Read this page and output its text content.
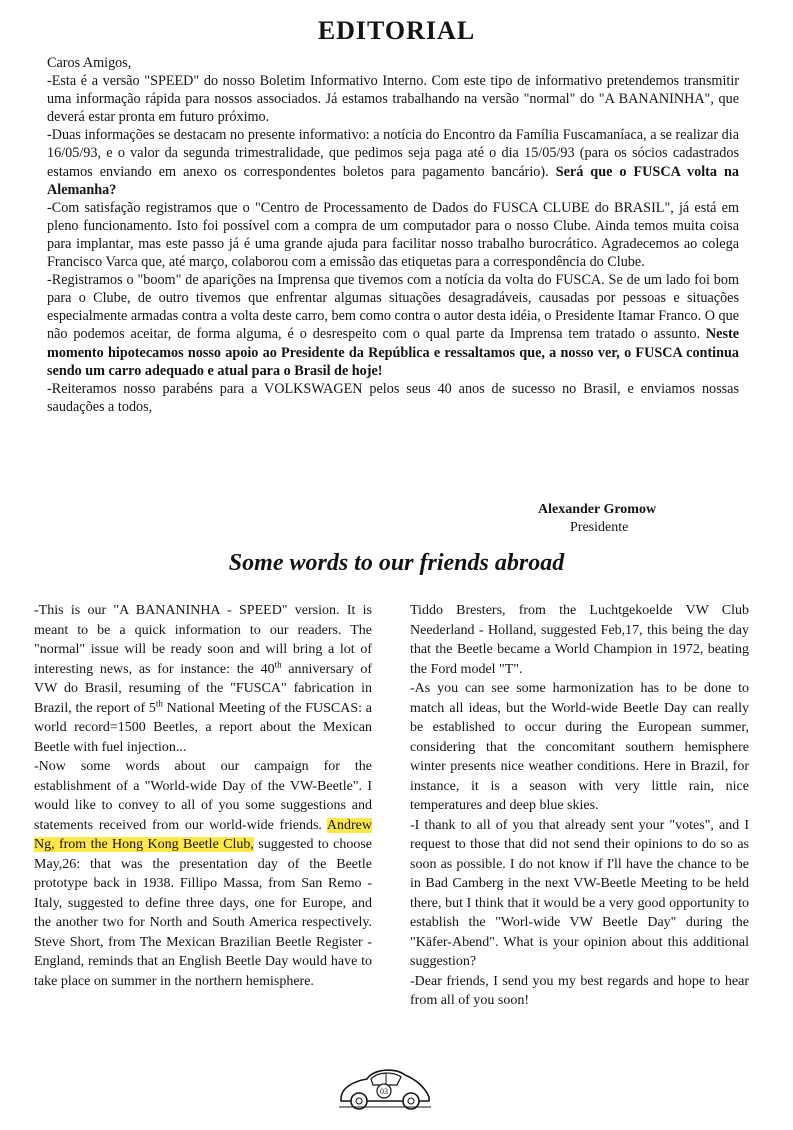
EDITORIAL

Caros Amigos,

-Esta é a versão "SPEED" do nosso Boletim Informativo Interno. Com este tipo de informativo pretendemos transmitir uma informação rápida para nossos associados. Já estamos trabalhando na versão "normal" do "A BANANINHA", que deverá estar pronta em futuro próximo.

-Duas informações se destacam no presente informativo: a notícia do Encontro da Família Fuscamaníaca, a se realizar dia 16/05/93, e o valor da segunda trimestralidade, que pedimos seja paga até o dia 15/05/93 (para os sócios cadastrados estamos enviando em anexo os correspondentes boletos para pagamento bancário). Será que o FUSCA volta na Alemanha?

-Com satisfação registramos que o "Centro de Processamento de Dados do FUSCA CLUBE do BRASIL", já está em pleno funcionamento. Isto foi possível com a compra de um computador para o nosso Clube. Ainda temos muita coisa para implantar, mas este passo já é uma grande ajuda para facilitar nosso trabalho burocrático. Agradecemos ao colega Francisco Varca que, até março, colaborou com a emissão das etiquetas para a correspondência do Clube.

-Registramos o "boom" de aparições na Imprensa que tivemos com a notícia da volta do FUSCA. Se de um lado foi bom para o Clube, de outro tivemos que enfrentar algumas situações desagradáveis, causadas por pessoas e situações especialmente armadas contra a volta deste carro, bem como contra o autor desta idéia, o Presidente Itamar Franco. O que não podemos aceitar, de forma alguma, é o desrespeito com o qual parte da Imprensa tem tratado o assunto. Neste momento hipotecamos nosso apoio ao Presidente da República e ressaltamos que, a nosso ver, o FUSCA continua sendo um carro adequado e atual para o Brasil de hoje!

-Reiteramos nosso parabéns para a VOLKSWAGEN pelos seus 40 anos de sucesso no Brasil, e enviamos nossas saudações a todos,

Alexander Gromow
Presidente
Some words to our friends abroad

-This is our "A BANANINHA - SPEED" version. It is meant to be a quick information to our readers. The "normal" issue will be ready soon and will bring a lot of interesting news, as for instance: the 40th anniversary of VW do Brasil, resuming of the "FUSCA" fabrication in Brazil, the report of 5th National Meeting of the FUSCAS: a world record=1500 Beetles, a report about the Mexican Beetle with fuel injection...

-Now some words about our campaign for the establishment of a "World-wide Day of the VW-Beetle". I would like to convey to all of you some suggestions and statements received from our world-wide friends. Andrew Ng, from the Hong Kong Beetle Club, suggested to choose May,26: that was the presentation day of the Beetle prototype back in 1938. Fillipo Massa, from San Remo - Italy, suggested to define three days, one for Europe, and the another two for North and South America respectively. Steve Short, from The Mexican Brazilian Beetle Register - England, reminds that an English Beetle Day would have to take place on summer in the northern hemisphere.

Tiddo Bresters, from the Luchtgekoelde VW Club Neederland - Holland, suggested Feb,17, this being the day that the Beetle became a World Champion in 1972, beating the Ford model "T".

-As you can see some harmonization has to be done to match all ideas, but the World-wide Beetle Day can really be established to occur during the European summer, considering that the concomitant southern hemisphere winter presents nice weather conditions. Here in Brazil, for instance, it is a season with very little rain, nice temperatures and deep blue skies.

-I thank to all of you that already sent your "votes", and I request to those that did not send their opinions to do so as soon as possible. I do not know if I'll have the chance to be in Bad Camberg in the next VW-Beetle Meeting to be held there, but I think that it would be a very good opportunity to establish the "Worl-wide VW Beetle Day" during the "Käfer-Abend". What is your opinion about this additional suggestion?

-Dear friends, I send you my best regards and hope to hear from all of you soon!

03
